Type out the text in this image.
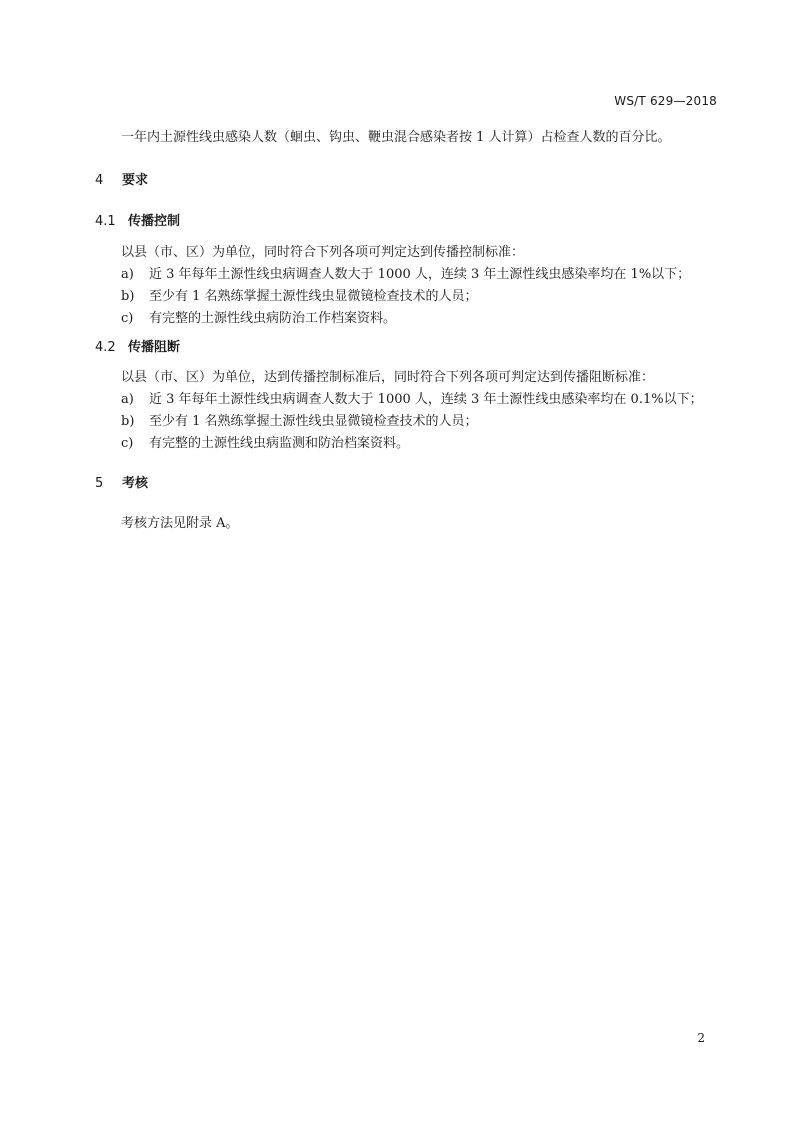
WS/T 629—2018
一年内土源性线虫感染人数（蛔虫、钩虫、鞭虫混合感染者按 1 人计算）占检查人数的百分比。
4 要求
4.1 传播控制
以县（市、区）为单位，同时符合下列各项可判定达到传播控制标准：
a) 近 3 年每年土源性线虫病调查人数大于 1000 人，连续 3 年土源性线虫感染率均在 1%以下；
b) 至少有 1 名熟练掌握土源性线虫显微镜检查技术的人员；
c) 有完整的土源性线虫病防治工作档案资料。
4.2 传播阻断
以县（市、区）为单位，达到传播控制标准后，同时符合下列各项可判定达到传播阻断标准：
a) 近 3 年每年土源性线虫病调查人数大于 1000 人，连续 3 年土源性线虫感染率均在 0.1%以下；
b) 至少有 1 名熟练掌握土源性线虫显微镜检查技术的人员；
c) 有完整的土源性线虫病监测和防治档案资料。
5 考核
考核方法见附录 A。
2
